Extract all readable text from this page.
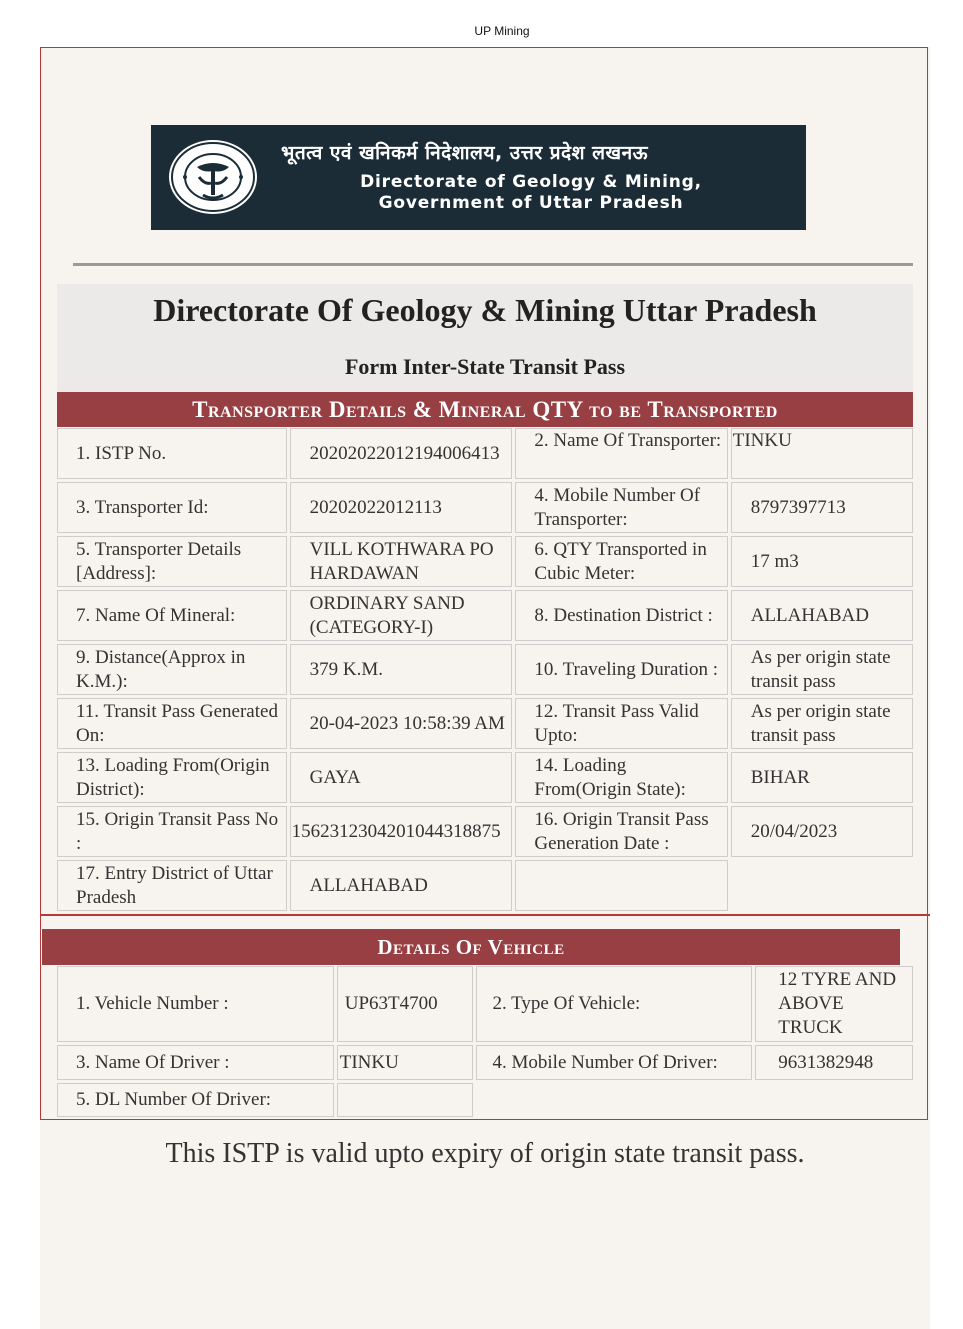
UP Mining
भूतत्व एवं खनिकर्म निदेशालय, उत्तर प्रदेश लखनऊ
Directorate of Geology & Mining,
Government of Uttar Pradesh
Directorate Of Geology & Mining Uttar Pradesh
Form Inter-State Transit Pass
Transporter Details & Mineral QTY to be Transported
1. ISTP No.	20202022012194006413	2. Name Of Transporter:	TINKU
3. Transporter Id:	20202022012113	4. Mobile Number Of Transporter:	8797397713
5. Transporter Details [Address]:	VILL KOTHWARA PO HARDAWAN	6. QTY Transported in Cubic Meter:	17 m3
7. Name Of Mineral:	ORDINARY SAND (CATEGORY-I)	8. Destination District :	ALLAHABAD
9. Distance(Approx in K.M.):	379 K.M.	10. Traveling Duration :	As per origin state transit pass
11. Transit Pass Generated On:	20-04-2023 10:58:39 AM	12. Transit Pass Valid Upto:	As per origin state transit pass
13. Loading From(Origin District):	GAYA	14. Loading From(Origin State):	BIHAR
15. Origin Transit Pass No :	1562312304201044318875	16. Origin Transit Pass Generation Date :	20/04/2023
17. Entry District of Uttar Pradesh	ALLAHABAD		
Details Of Vehicle
1. Vehicle Number :	UP63T4700	2. Type Of Vehicle:	12 TYRE AND ABOVE TRUCK
3. Name Of Driver :	TINKU	4. Mobile Number Of Driver:	9631382948
5. DL Number Of Driver:			
This ISTP is valid upto expiry of origin state transit pass.
